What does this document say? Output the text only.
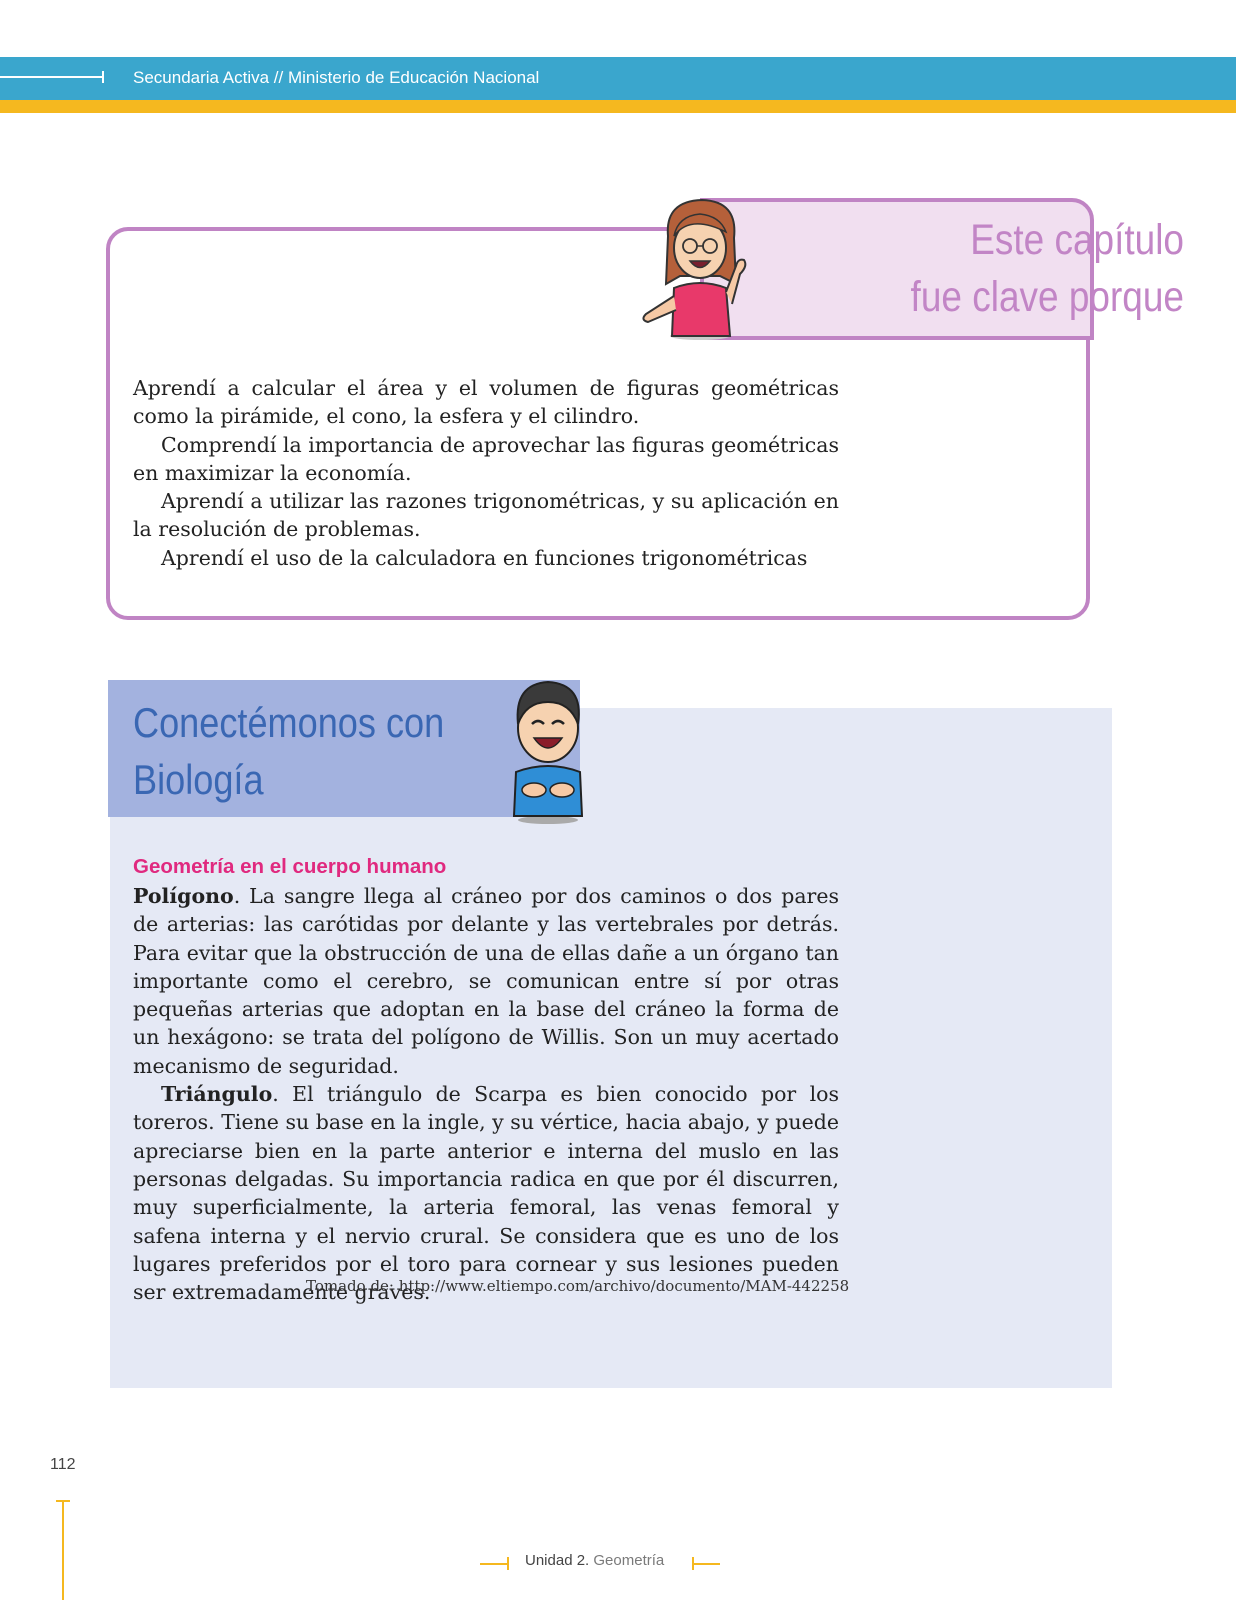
Secundaria Activa // Ministerio de Educación Nacional
Este capítulo
fue clave porque

Aprendí a calcular el área y el volumen de figuras geométricas como la pirámide, el cono, la esfera y el cilindro.

Comprendí la importancia de aprovechar las figuras geométricas en maximizar la economía.

Aprendí a utilizar las razones trigonométricas, y su aplicación en la resolución de problemas.

Aprendí el uso de la calculadora en funciones trigonométricas

Conectémonos con
Biología
Geometría en el cuerpo humano

Polígono. La sangre llega al cráneo por dos caminos o dos pares de arterias: las carótidas por delante y las vertebrales por detrás. Para evitar que la obstrucción de una de ellas dañe a un órgano tan importante como el cerebro, se comunican entre sí por otras pequeñas arterias que adoptan en la base del cráneo la forma de un hexágono: se trata del polígono de Willis. Son un muy acertado mecanismo de seguridad.

Triángulo. El triángulo de Scarpa es bien conocido por los toreros. Tiene su base en la ingle, y su vértice, hacia abajo, y puede apreciarse bien en la parte anterior e interna del muslo en las personas delgadas. Su importancia radica en que por él discurren, muy superficialmente, la arteria femoral, las venas femoral y safena interna y el nervio crural. Se considera que es uno de los lugares preferidos por el toro para cornear y sus lesiones pueden ser extremadamente graves.

Tomado de: http://www.eltiempo.com/archivo/documento/MAM-442258
112
Unidad 2. Geometría
